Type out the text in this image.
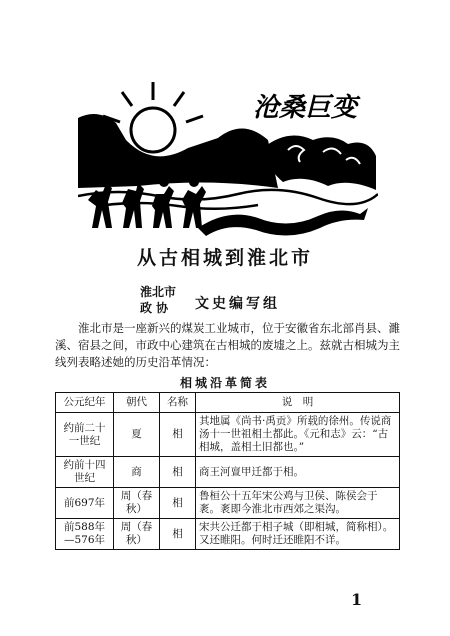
沧桑巨变
从古相城到淮北市
淮北市
政 协	文史编写组
淮北市是一座新兴的煤炭工业城市，位于安徽省东北部肖县、濉溪、宿县之间，市政中心建筑在古相城的废墟之上。兹就古相城为主线列表略述她的历史沿革情况：
相城沿革简表
公元纪年	朝代	名称	说　明
约前二十一世纪	夏	相	其地属《尚书·禹贡》所载的徐州。传说商汤十一世祖相土都此。《元和志》云：“古相城，盖相土旧都也。”
约前十四世纪	商	相	商王河亶甲迁都于相。
前697年	周（春秋）	相	鲁桓公十五年宋公鸡与卫侯、陈侯会于袲。袲即今淮北市西郊之渠沟。
前588年—576年	周（春秋）	相	宋共公迁都于相子城（即相城，简称相）。又还睢阳。何时迁还睢阳不详。
1
